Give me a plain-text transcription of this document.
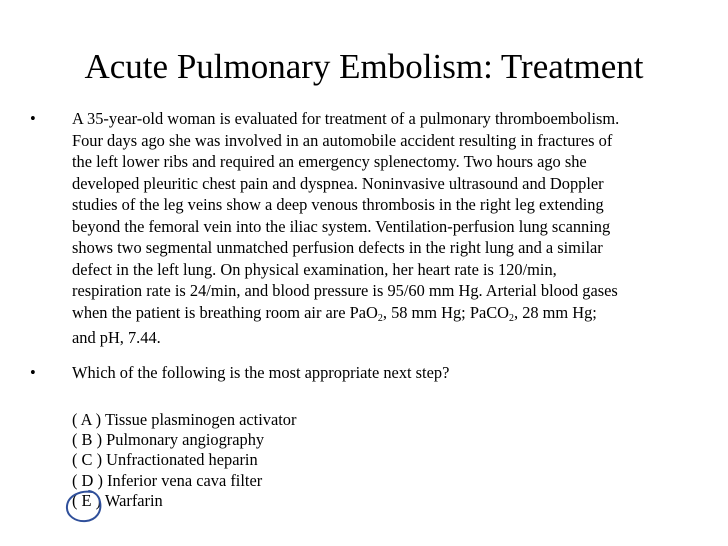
Acute Pulmonary Embolism: Treatment
•	A 35-year-old woman is evaluated for treatment of a pulmonary thromboembolism.
Four days ago she was involved in an automobile accident resulting in fractures of
the left lower ribs and required an emergency splenectomy. Two hours ago she
developed pleuritic chest pain and dyspnea. Noninvasive ultrasound and Doppler
studies of the leg veins show a deep venous thrombosis in the right leg extending
beyond the femoral vein into the iliac system. Ventilation-perfusion lung scanning
shows two segmental unmatched perfusion defects in the right lung and a similar
defect in the left lung. On physical examination, her heart rate is 120/min,
respiration rate is 24/min, and blood pressure is 95/60 mm Hg. Arterial blood gases
when the patient is breathing room air are PaO$_2$, 58 mm Hg; PaCO$_2$, 28 mm Hg;
and pH, 7.44.
•	Which of the following is the most appropriate next step?
( A ) Tissue plasminogen activator
( B ) Pulmonary angiography
( C ) Unfractionated heparin
( D ) Inferior vena cava filter
( E ) Warfarin
